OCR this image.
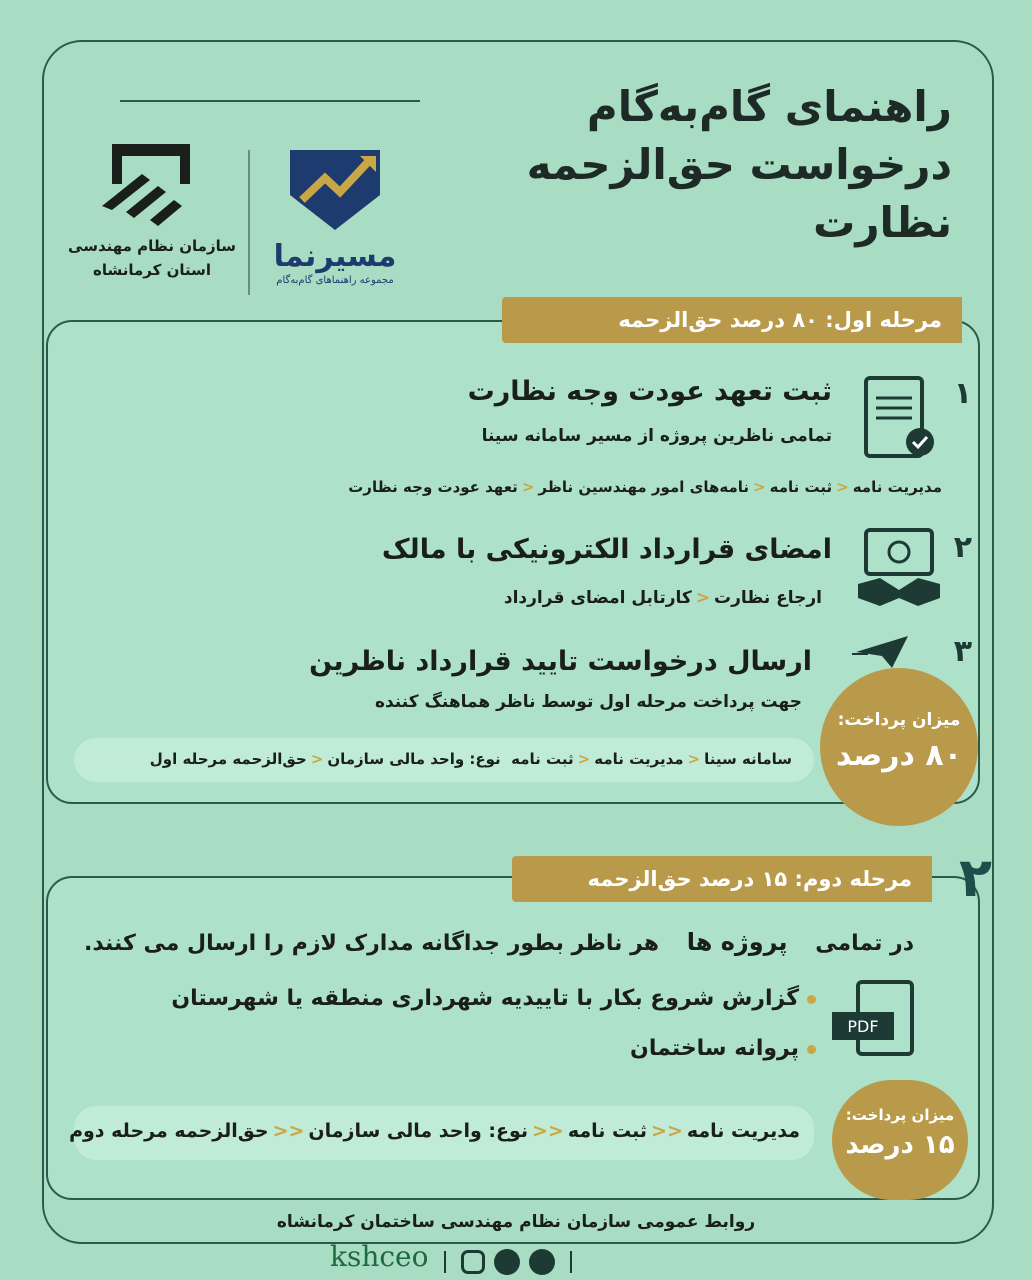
راهنمای گام‌به‌گام
درخواست حق‌الزحمه نظارت
سازمان نظام مهندسی
استان کرمانشاه	مسیرنما
مجموعه راهنماهای گام‌به‌گام
مرحله اول: ۸۰ درصد حق‌الزحمه
۱
ثبت تعهد عودت وجه نظارت
تمامی ناظرین پروژه از مسیر سامانه سینا
مدیریت نامه<ثبت نامه<نامه‌های امور مهندسین ناظر<تعهد عودت وجه نظارت
۲
امضای قرارداد الکترونیکی با مالک
ارجاع نظارت<کارتابل امضای قرارداد
۳
ارسال درخواست تایید قرارداد ناظرین
جهت پرداخت مرحله اول توسط ناظر هماهنگ کننده
سامانه سینا<مدیریت نامه<ثبت نامه  نوع: واحد مالی سازمان<حق‌الزحمه مرحله اول
میزان پرداخت:
۸۰ درصد
مرحله دوم: ۱۵ درصد حق‌الزحمه ۲
در تمامی پروژه ها هر ناظر بطور جداگانه مدارک لازم را ارسال می کنند.
گزارش شروع بکار با تاییدیه شهرداری منطقه یا شهرستان
پروانه ساختمان
PDF
مدیریت نامه<<ثبت نامه<<نوع: واحد مالی سازمان<<حق‌الزحمه مرحله دوم
میزان پرداخت:
۱۵ درصد
روابط عمومی سازمان نظام مهندسی ساختمان کرمانشاه
kshceo
